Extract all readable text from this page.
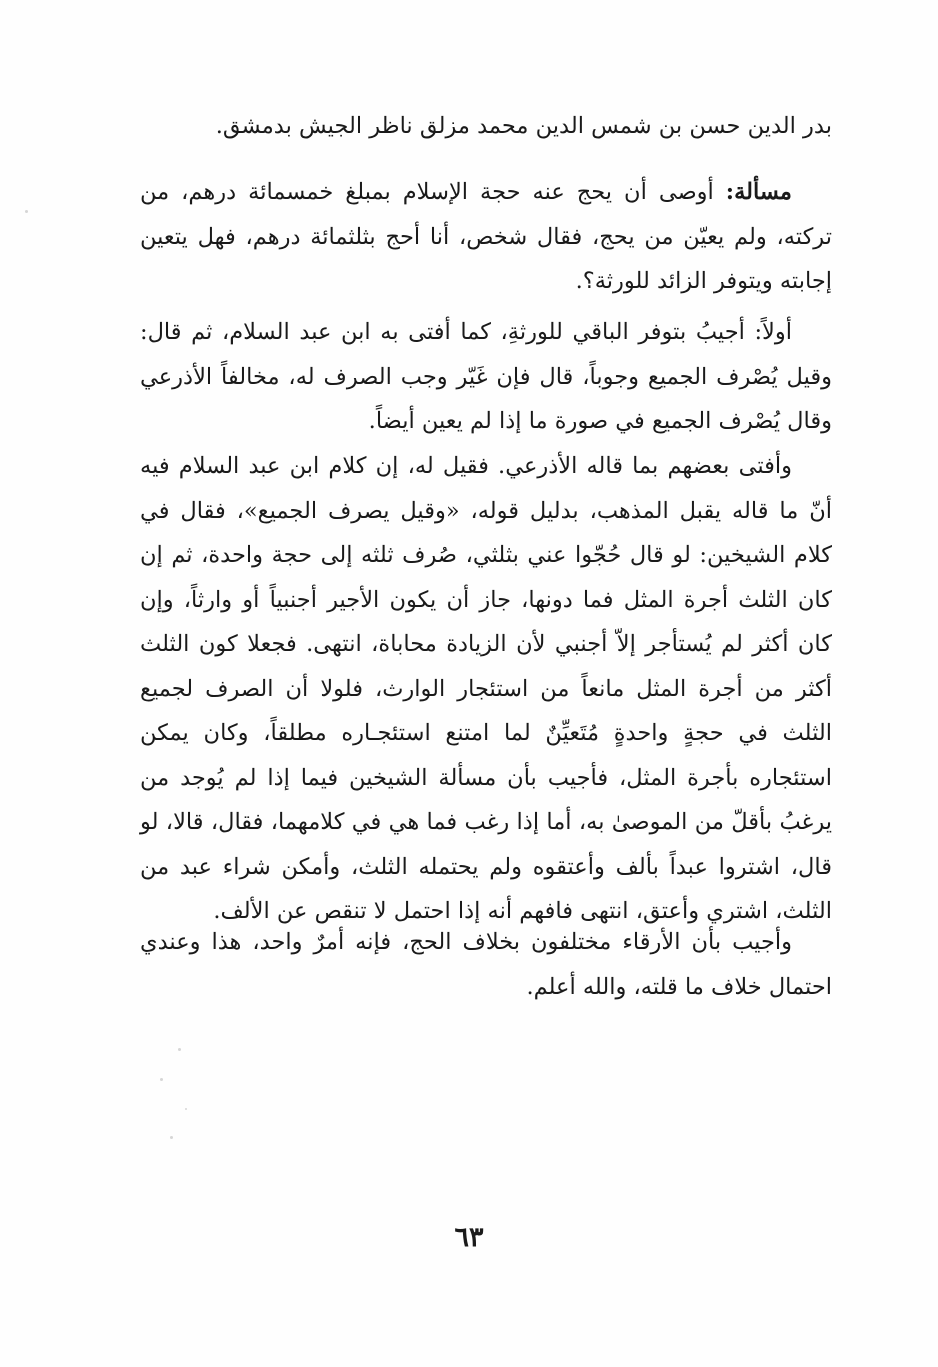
بدر الدين حسن بن شمس الدين محمد مزلق ناظر الجيش بدمشق.

مسألة: أوصى أن يحج عنه حجة الإسلام بمبلغ خمسمائة درهم، من تركته، ولم يعيّن من يحج، فقال شخص، أنا أحج بثلثمائة درهم، فهل يتعين إجابته ويتوفر الزائد للورثة؟.

أولاً: أجيبُ بتوفر الباقي للورثةِ، كما أفتى به ابن عبد السلام، ثم قال: وقيل يُصْرف الجميع وجوباً، قال فإن غَيّر وجب الصرف له، مخالفاً الأذرعي وقال يُصْرف الجميع في صورة ما إذا لم يعين أيضاً.

وأفتى بعضهم بما قاله الأذرعي. فقيل له، إن كلام ابن عبد السلام فيه أنّ ما قاله يقبل المذهب، بدليل قوله، «وقيل يصرف الجميع»، فقال في كلام الشيخين: لو قال حُجّوا عني بثلثي، صُرف ثلثه إلى حجة واحدة، ثم إن كان الثلث أجرة المثل فما دونها، جاز أن يكون الأجير أجنبياً أو وارثاً، وإن كان أكثر لم يُستأجر إلاّ أجنبي لأن الزيادة محاباة، انتهى. فجعلا كون الثلث أكثر من أجرة المثل مانعاً من استئجار الوارث، فلولا أن الصرف لجميع الثلث في حجةٍ واحدةٍ مُتَعيِّنٌ لما امتنع استئجـاره مطلقاً، وكان يمكن استئجاره بأجرة المثل، فأجيب بأن مسألة الشيخين فيما إذا لم يُوجد من يرغبُ بأقلّ من الموصىٰ به، أما إذا رغب فما هي في كلامهما، فقال، قالا، لو قال، اشتروا عبداً بألف وأعتقوه ولم يحتمله الثلث، وأمكن شراء عبد من الثلث، اشتري وأعتق، انتهى فافهم أنه إذا احتمل لا تنقص عن الألف.

وأجيب بأن الأرقاء مختلفون بخلاف الحج، فإنه أمرٌ واحد، هذا وعندي احتمال خلاف ما قلته، والله أعلم.

٦٣
